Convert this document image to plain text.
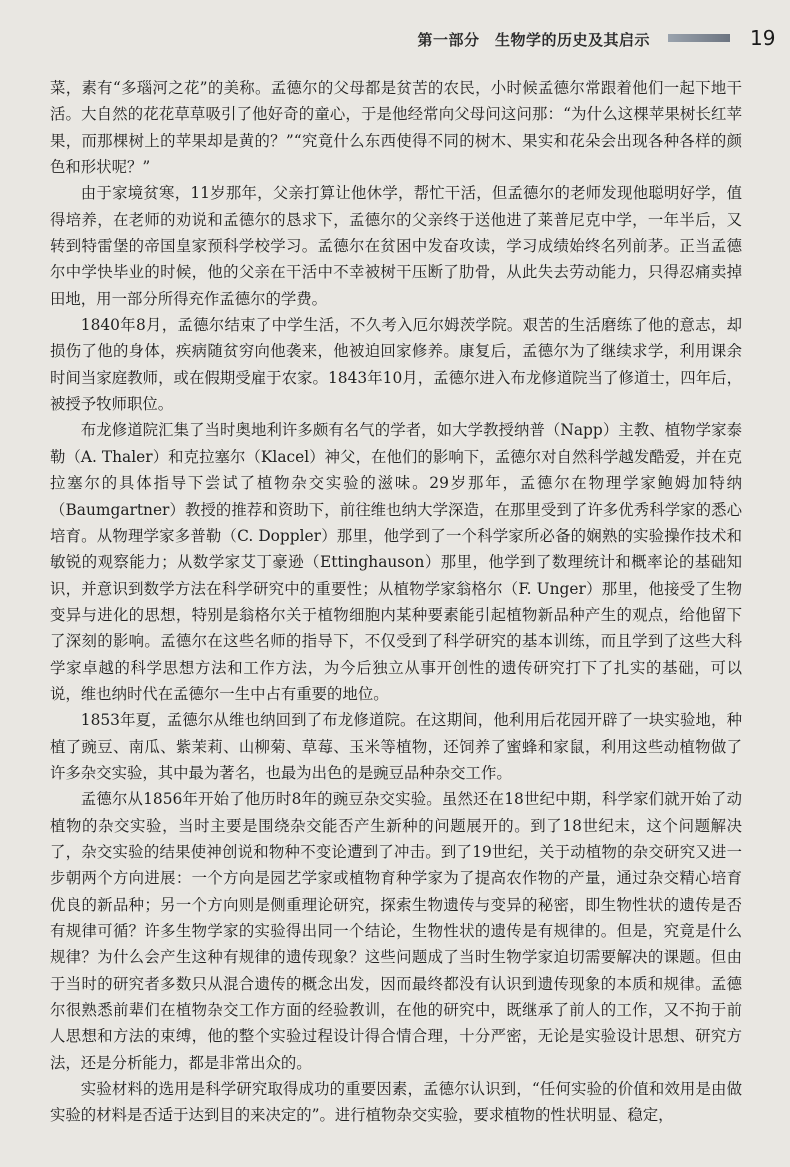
第一部分　生物学的历史及其启示	19

菜，素有“多瑙河之花”的美称。孟德尔的父母都是贫苦的农民，小时候孟德尔常跟着他们一起下地干活。大自然的花花草草吸引了他好奇的童心，于是他经常向父母问这问那：“为什么这棵苹果树长红苹果，而那棵树上的苹果却是黄的？”“究竟什么东西使得不同的树木、果实和花朵会出现各种各样的颜色和形状呢？”

由于家境贫寒，11岁那年，父亲打算让他休学，帮忙干活，但孟德尔的老师发现他聪明好学，值得培养，在老师的劝说和孟德尔的恳求下，孟德尔的父亲终于送他进了莱普尼克中学，一年半后，又转到特雷堡的帝国皇家预科学校学习。孟德尔在贫困中发奋攻读，学习成绩始终名列前茅。正当孟德尔中学快毕业的时候，他的父亲在干活中不幸被树干压断了肋骨，从此失去劳动能力，只得忍痛卖掉田地，用一部分所得充作孟德尔的学费。

1840年8月，孟德尔结束了中学生活，不久考入厄尔姆茨学院。艰苦的生活磨练了他的意志，却损伤了他的身体，疾病随贫穷向他袭来，他被迫回家修养。康复后，孟德尔为了继续求学，利用课余时间当家庭教师，或在假期受雇于农家。1843年10月，孟德尔进入布龙修道院当了修道士，四年后，被授予牧师职位。

布龙修道院汇集了当时奥地利许多颇有名气的学者，如大学教授纳普（Napp）主教、植物学家泰勒（A. Thaler）和克拉塞尔（Klacel）神父，在他们的影响下，孟德尔对自然科学越发酷爱，并在克拉塞尔的具体指导下尝试了植物杂交实验的滋味。29岁那年，孟德尔在物理学家鲍姆加特纳（Baumgartner）教授的推荐和资助下，前往维也纳大学深造，在那里受到了许多优秀科学家的悉心培育。从物理学家多普勒（C. Doppler）那里，他学到了一个科学家所必备的娴熟的实验操作技术和敏锐的观察能力；从数学家艾丁豪逊（Ettinghauson）那里，他学到了数理统计和概率论的基础知识，并意识到数学方法在科学研究中的重要性；从植物学家翁格尔（F. Unger）那里，他接受了生物变异与进化的思想，特别是翁格尔关于植物细胞内某种要素能引起植物新品种产生的观点，给他留下了深刻的影响。孟德尔在这些名师的指导下，不仅受到了科学研究的基本训练，而且学到了这些大科学家卓越的科学思想方法和工作方法，为今后独立从事开创性的遗传研究打下了扎实的基础，可以说，维也纳时代在孟德尔一生中占有重要的地位。

1853年夏，孟德尔从维也纳回到了布龙修道院。在这期间，他利用后花园开辟了一块实验地，种植了豌豆、南瓜、紫茉莉、山柳菊、草莓、玉米等植物，还饲养了蜜蜂和家鼠，利用这些动植物做了许多杂交实验，其中最为著名，也最为出色的是豌豆品种杂交工作。

孟德尔从1856年开始了他历时8年的豌豆杂交实验。虽然还在18世纪中期，科学家们就开始了动植物的杂交实验，当时主要是围绕杂交能否产生新种的问题展开的。到了18世纪末，这个问题解决了，杂交实验的结果使神创说和物种不变论遭到了冲击。到了19世纪，关于动植物的杂交研究又进一步朝两个方向进展：一个方向是园艺学家或植物育种学家为了提高农作物的产量，通过杂交精心培育优良的新品种；另一个方向则是侧重理论研究，探索生物遗传与变异的秘密，即生物性状的遗传是否有规律可循？许多生物学家的实验得出同一个结论，生物性状的遗传是有规律的。但是，究竟是什么规律？为什么会产生这种有规律的遗传现象？这些问题成了当时生物学家迫切需要解决的课题。但由于当时的研究者多数只从混合遗传的概念出发，因而最终都没有认识到遗传现象的本质和规律。孟德尔很熟悉前辈们在植物杂交工作方面的经验教训，在他的研究中，既继承了前人的工作，又不拘于前人思想和方法的束缚，他的整个实验过程设计得合情合理，十分严密，无论是实验设计思想、研究方法，还是分析能力，都是非常出众的。

实验材料的选用是科学研究取得成功的重要因素，孟德尔认识到，“任何实验的价值和效用是由做实验的材料是否适于达到目的来决定的”。进行植物杂交实验，要求植物的性状明显、稳定，
